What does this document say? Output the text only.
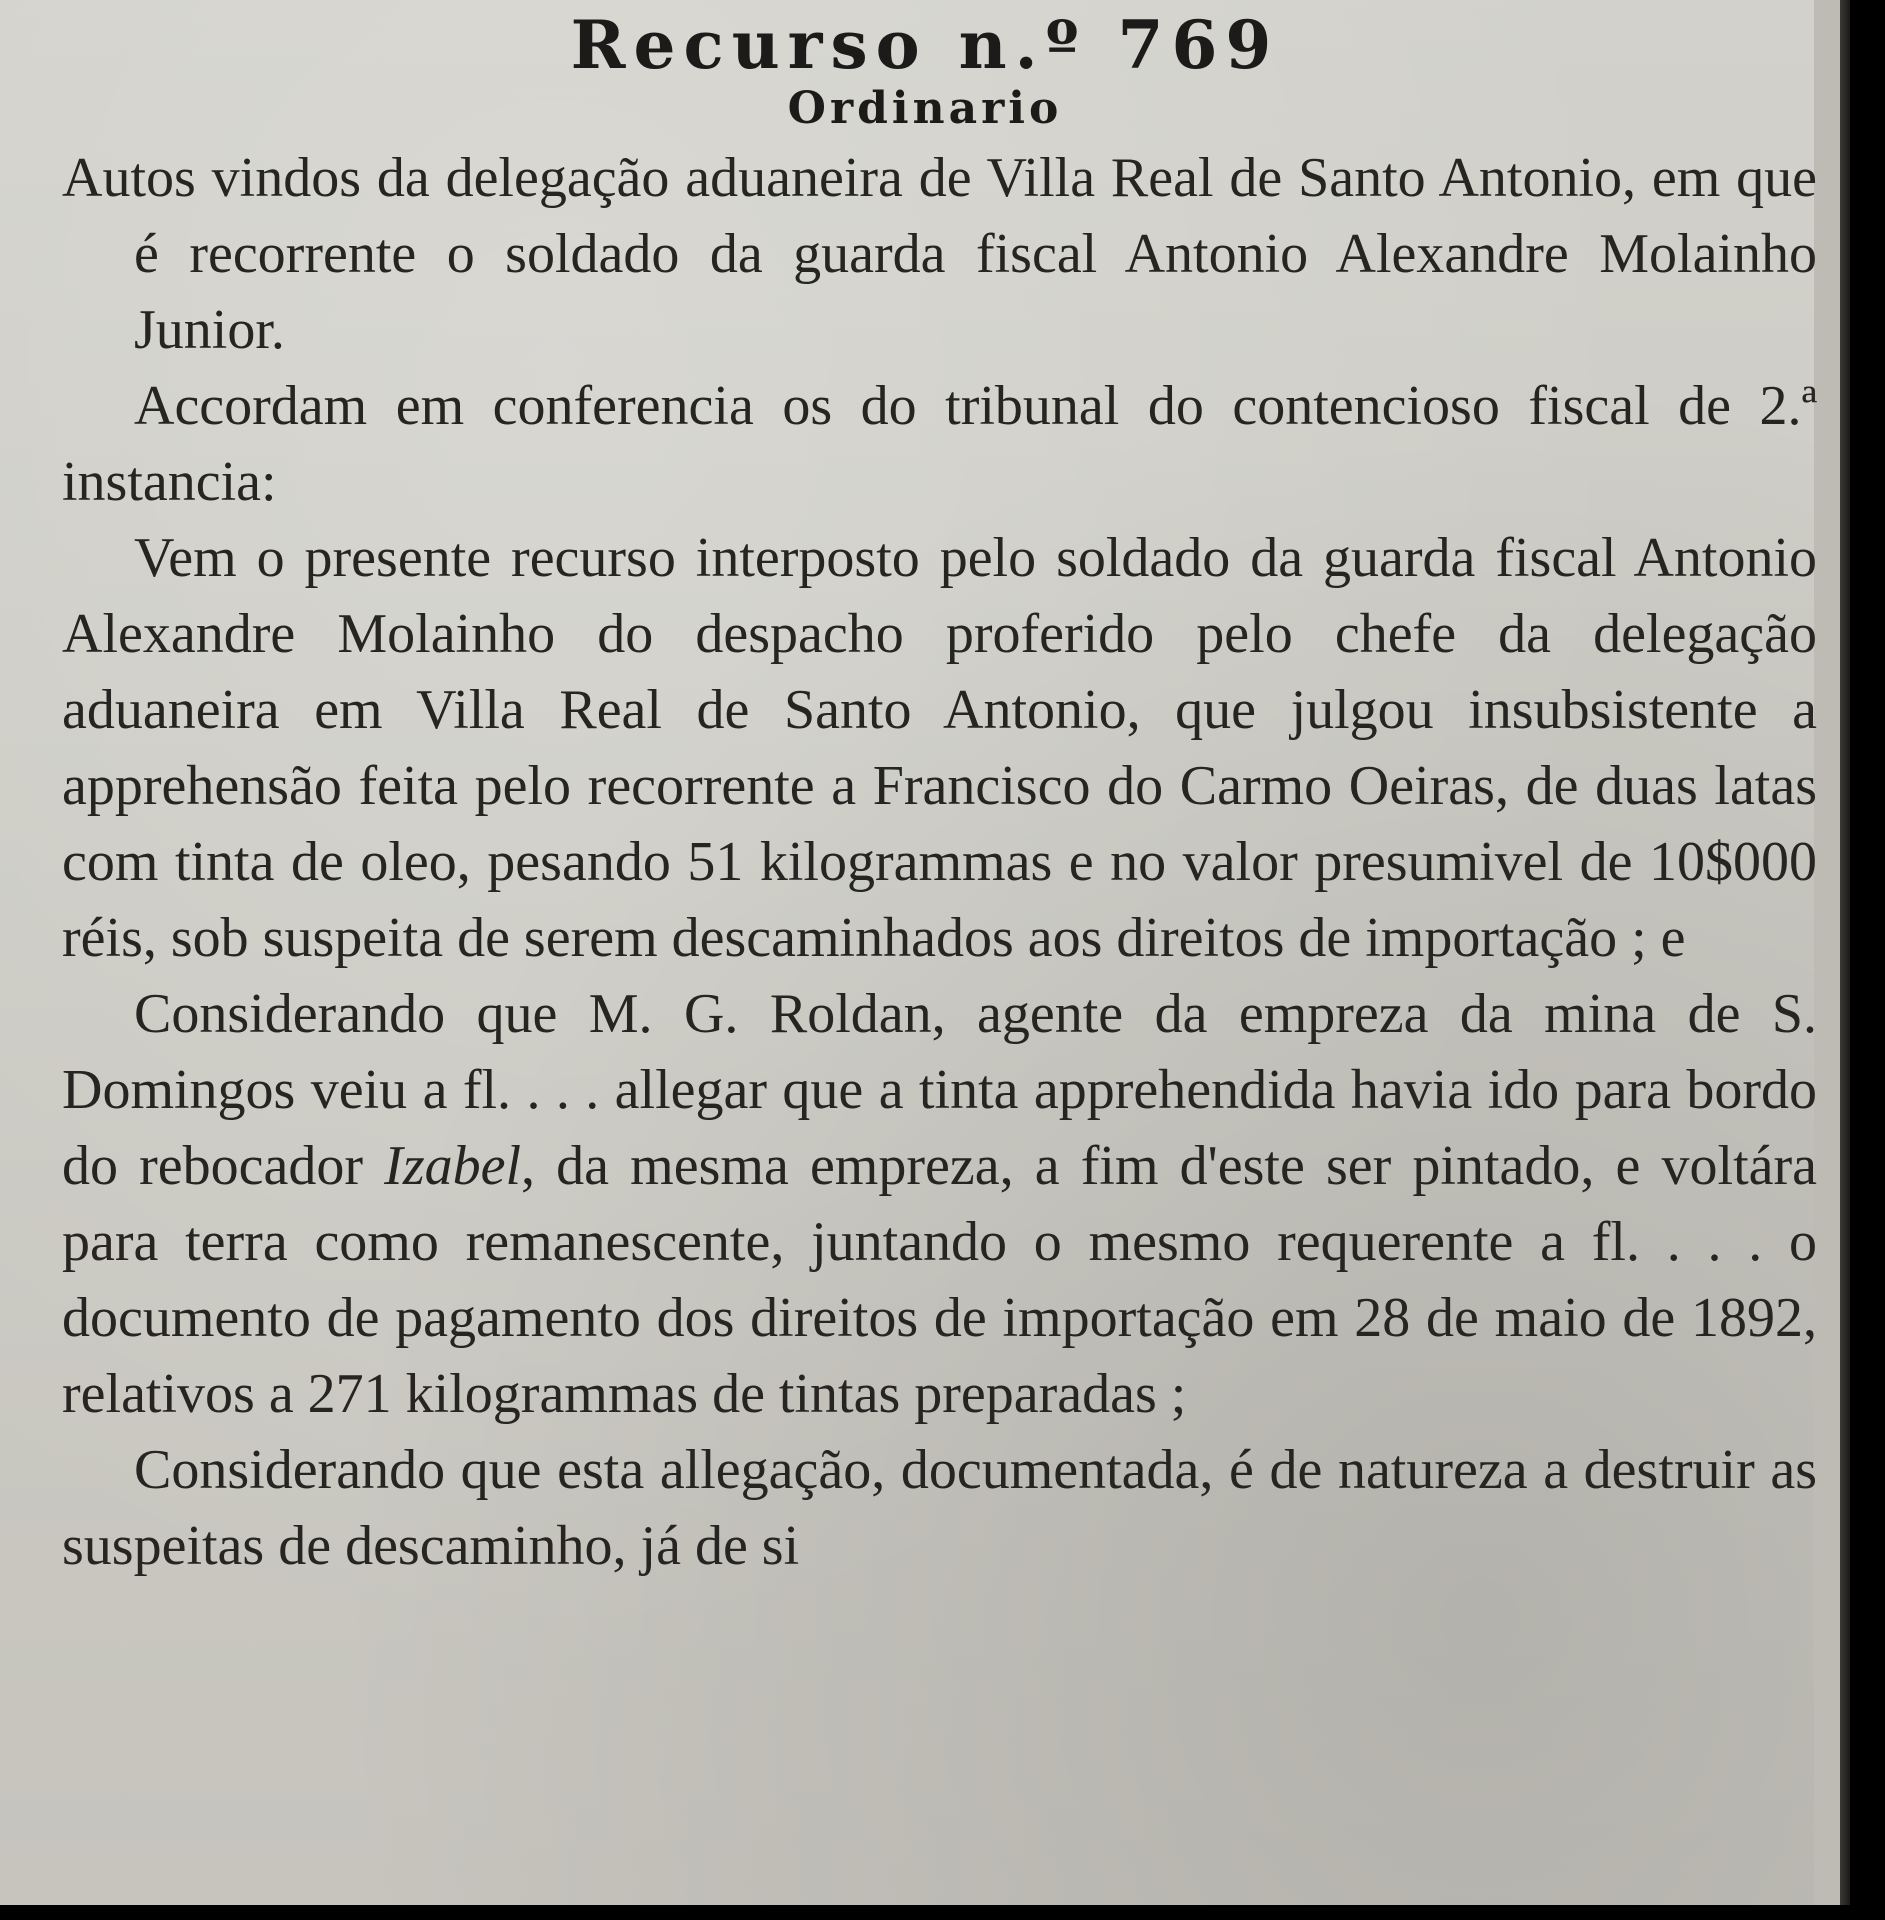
Recurso n.º 769
Ordinario

Autos vindos da delegação aduaneira de Villa Real de Santo Antonio, em que é recorrente o soldado da guarda fiscal Antonio Alexandre Molainho Junior.

Accordam em conferencia os do tribunal do contencioso fiscal de 2.ª instancia:

Vem o presente recurso interposto pelo soldado da guarda fiscal Antonio Alexandre Molainho do despacho proferido pelo chefe da delegação aduaneira em Villa Real de Santo Antonio, que julgou insubsistente a apprehensão feita pelo recorrente a Francisco do Carmo Oeiras, de duas latas com tinta de oleo, pesando 51 kilogrammas e no valor presumivel de 10$000 réis, sob suspeita de serem descaminhados aos direitos de importação ; e

Considerando que M. G. Roldan, agente da empreza da mina de S. Domingos veiu a fl. . . . allegar que a tinta apprehendida havia ido para bordo do rebocador Izabel, da mesma empreza, a fim d'este ser pintado, e voltára para terra como remanescente, juntando o mesmo requerente a fl. . . . o documento de pagamento dos direitos de importação em 28 de maio de 1892, relativos a 271 kilogrammas de tintas preparadas ;

Considerando que esta allegação, documentada, é de natureza a destruir as suspeitas de descaminho, já de si
